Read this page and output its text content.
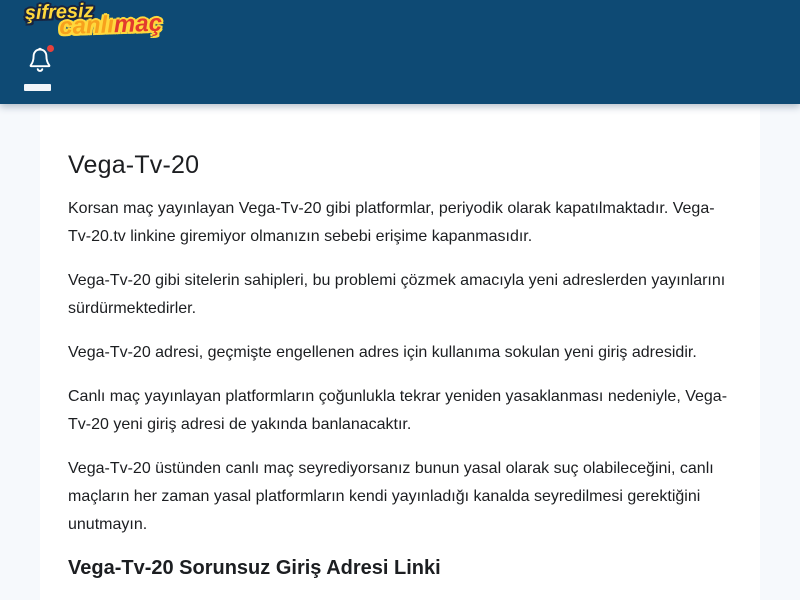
şifresiz
canlımaç
Vega-Tv-20

Korsan maç yayınlayan Vega-Tv-20 gibi platformlar, periyodik olarak kapatılmaktadır. Vega-Tv-20.tv linkine giremiyor olmanızın sebebi erişime kapanmasıdır.

Vega-Tv-20 gibi sitelerin sahipleri, bu problemi çözmek amacıyla yeni adreslerden yayınlarını sürdürmektedirler.

Vega-Tv-20 adresi, geçmişte engellenen adres için kullanıma sokulan yeni giriş adresidir.

Canlı maç yayınlayan platformların çoğunlukla tekrar yeniden yasaklanması nedeniyle, Vega-Tv-20 yeni giriş adresi de yakında banlanacaktır.

Vega-Tv-20 üstünden canlı maç seyrediyorsanız bunun yasal olarak suç olabileceğini, canlı maçların her zaman yasal platformların kendi yayınladığı kanalda seyredilmesi gerektiğini unutmayın.

Vega-Tv-20 Sorunsuz Giriş Adresi Linki
